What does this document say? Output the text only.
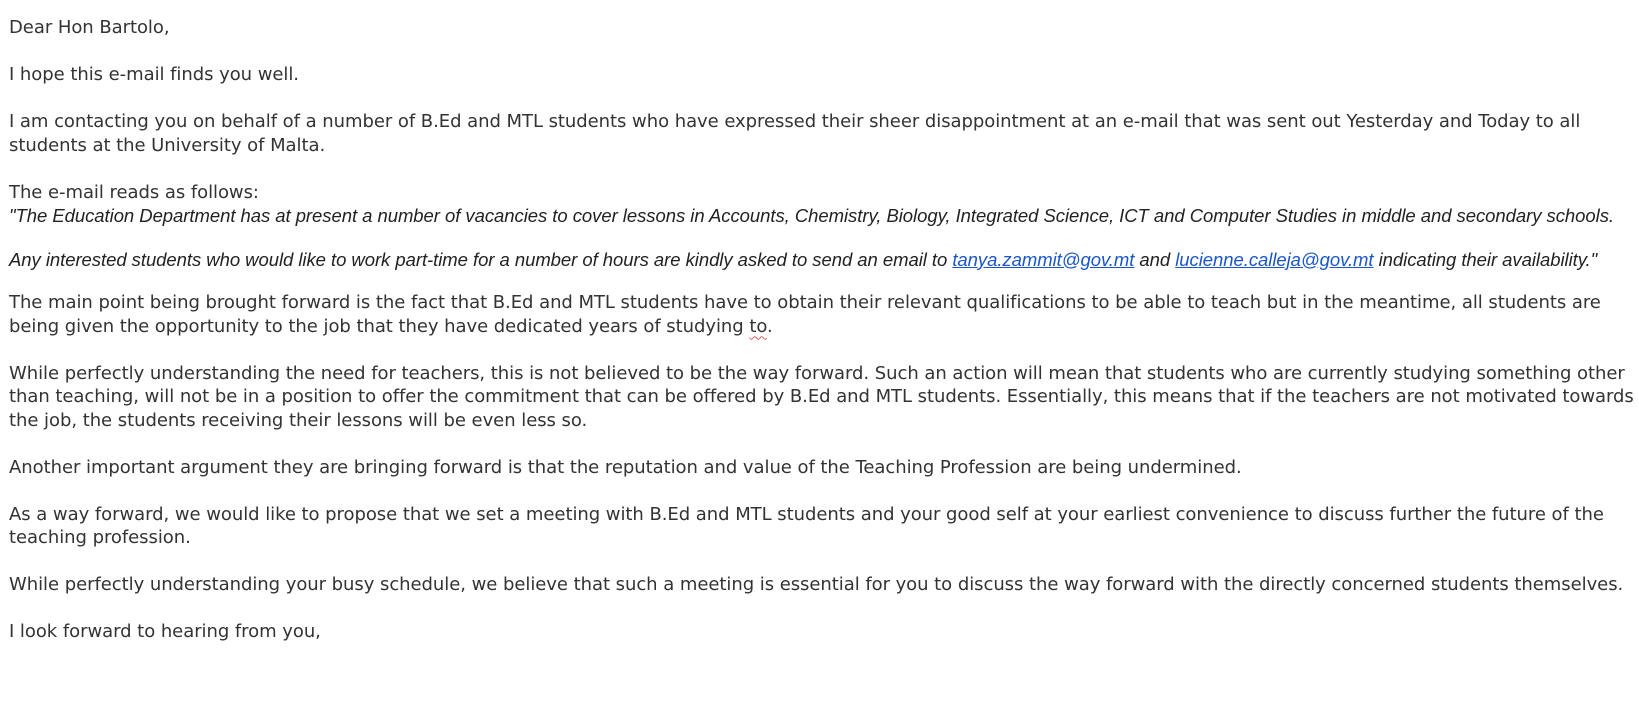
Dear Hon Bartolo,

I hope this e-mail finds you well.

I am contacting you on behalf of a number of B.Ed and MTL students who have expressed their sheer disappointment at an e-mail that was sent out Yesterday and Today to all students at the University of Malta.

The e-mail reads as follows:

"The Education Department has at present a number of vacancies to cover lessons in Accounts, Chemistry, Biology, Integrated Science, ICT and Computer Studies in middle and secondary schools.
Any interested students who would like to work part-time for a number of hours are kindly asked to send an email to tanya.zammit@gov.mt and lucienne.calleja@gov.mt indicating their availability."

The main point being brought forward is the fact that B.Ed and MTL students have to obtain their relevant qualifications to be able to teach but in the meantime, all students are being given the opportunity to the job that they have dedicated years of studying to.

While perfectly understanding the need for teachers, this is not believed to be the way forward. Such an action will mean that students who are currently studying something other than teaching, will not be in a position to offer the commitment that can be offered by B.Ed and MTL students. Essentially, this means that if the teachers are not motivated towards the job, the students receiving their lessons will be even less so.

Another important argument they are bringing forward is that the reputation and value of the Teaching Profession are being undermined.

As a way forward, we would like to propose that we set a meeting with B.Ed and MTL students and your good self at your earliest convenience to discuss further the future of the teaching profession.

While perfectly understanding your busy schedule, we believe that such a meeting is essential for you to discuss the way forward with the directly concerned students themselves.

I look forward to hearing from you,
